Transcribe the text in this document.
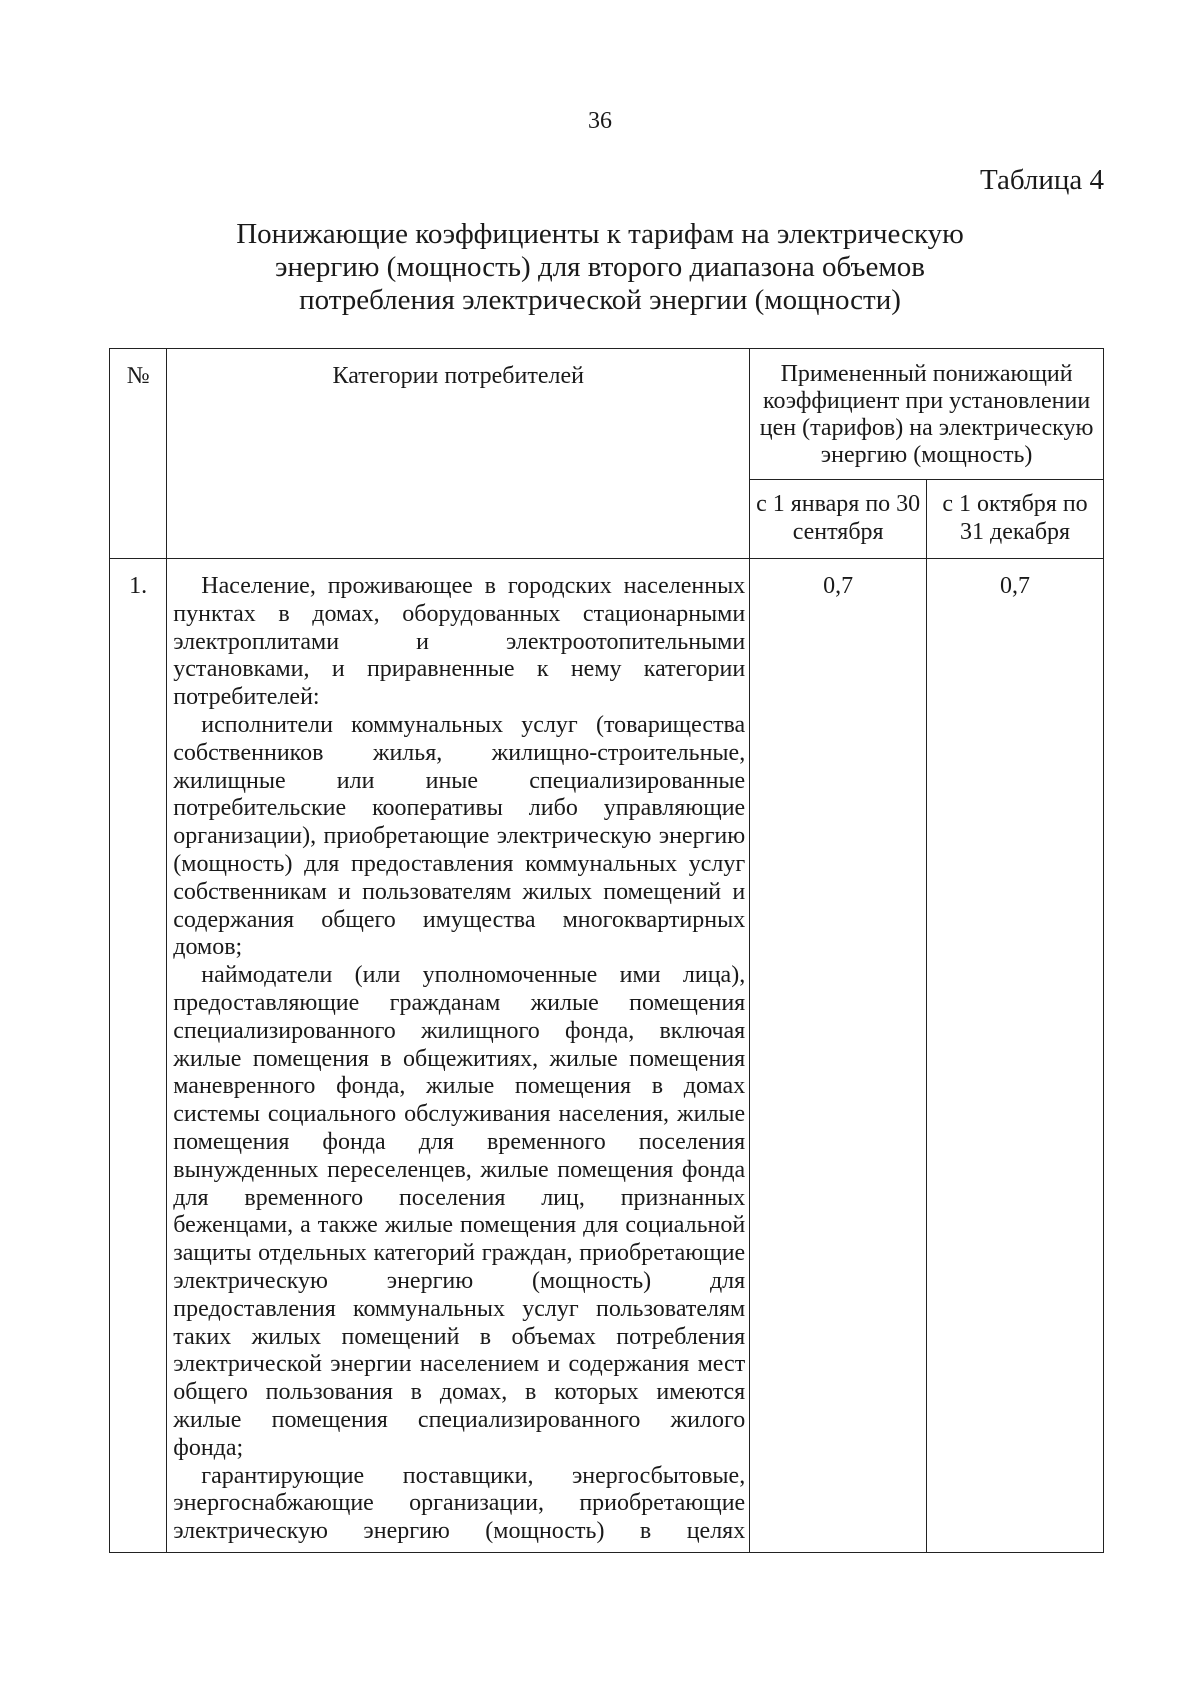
36
Таблица 4
Понижающие коэффициенты к тарифам на электрическую
энергию (мощность) для второго диапазона объемов
потребления электрической энергии (мощности)
№	Категории потребителей	Примененный понижающий коэффициент при установлении цен (тарифов) на электрическую энергию (мощность)	
		с 1 января по 30 сентября	с 1 октября по 31 декабря
1.	Население, проживающее в городских населенных пунктах в домах, оборудованных стационарными электроплитами и электроотопительными установками, и приравненные к нему категории потребителей:

исполнители коммунальных услуг (товарищества собственников жилья, жилищно-строительные, жилищные или иные специализированные потребительские кооперативы либо управляющие организации), приобретающие электрическую энергию (мощность) для предоставления коммунальных услуг собственникам и пользователям жилых помещений и содержания общего имущества многоквартирных домов;

наймодатели (или уполномоченные ими лица), предоставляющие гражданам жилые помещения специализированного жилищного фонда, включая жилые помещения в общежитиях, жилые помещения маневренного фонда, жилые помещения в домах системы социального обслуживания населения, жилые помещения фонда для временного поселения вынужденных переселенцев, жилые помещения фонда для временного поселения лиц, признанных беженцами, а также жилые помещения для социальной защиты отдельных категорий граждан, приобретающие электрическую энергию (мощность) для предоставления коммунальных услуг пользователям таких жилых помещений в объемах потребления электрической энергии населением и содержания мест общего пользования в домах, в которых имеются жилые помещения специализированного жилого фонда;

гарантирующие поставщики, энергосбытовые, энергоснабжающие организации, приобретающие электрическую энергию (мощность) в целях	0,7	0,7
